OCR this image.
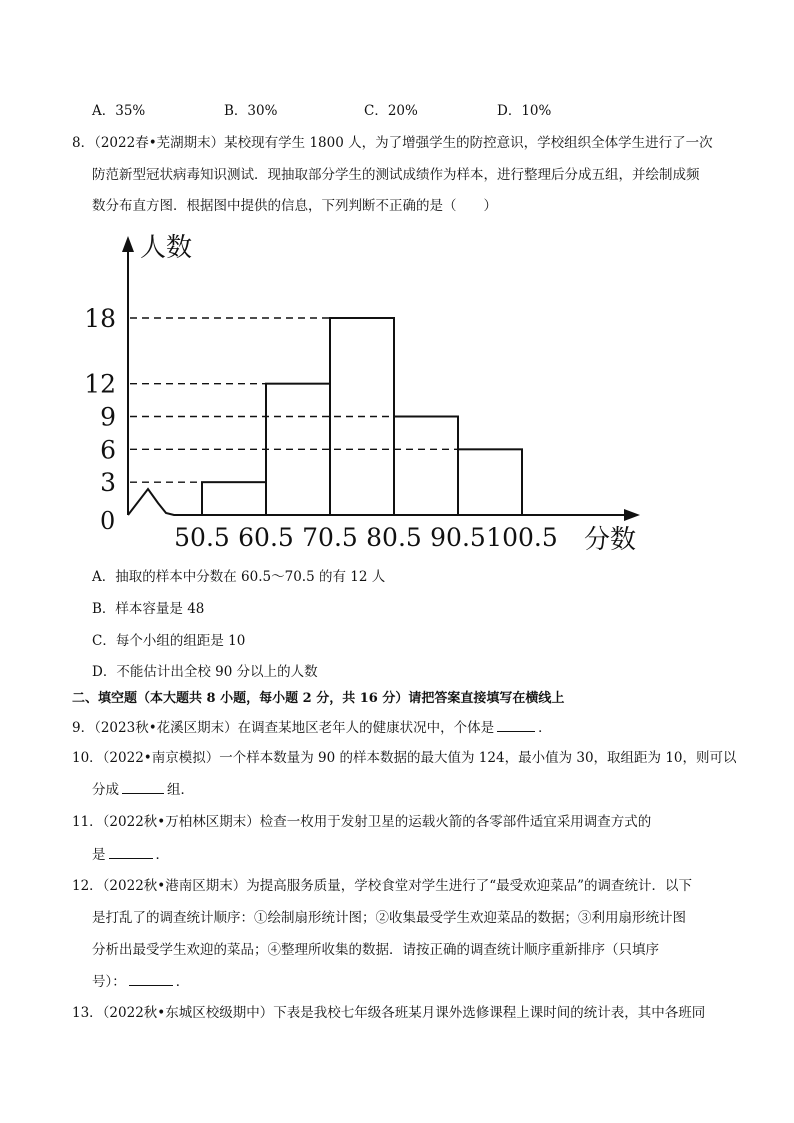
A．35%	B．30%	C．20%	D．10%
8．（2022春•芜湖期末）某校现有学生 1800 人，为了增强学生的防控意识，学校组织全体学生进行了一次
防范新型冠状病毒知识测试．现抽取部分学生的测试成绩作为样本，进行整理后分成五组，并绘制成频
数分布直方图．根据图中提供的信息，下列判断不正确的是（　　）
人数
分数
0
3
6
9
12
18
50.5 60.5 70.5 80.5 90.5 100.5
A．抽取的样本中分数在 60.5～70.5 的有 12 人
B．样本容量是 48
C．每个小组的组距是 10
D．不能估计出全校 90 分以上的人数
二、填空题（本大题共 8 小题，每小题 2 分，共 16 分）请把答案直接填写在横线上
9．（2023秋•花溪区期末）在调查某地区老年人的健康状况中，个体是	．
10．（2022•南京模拟）一个样本数量为 90 的样本数据的最大值为 124，最小值为 30，取组距为 10，则可以
分成	组．
11．（2022秋•万柏林区期末）检查一枚用于发射卫星的运载火箭的各零部件适宜采用调查方式的
是	．
12．（2022秋•港南区期末）为提高服务质量，学校食堂对学生进行了“最受欢迎菜品”的调查统计．以下
是打乱了的调查统计顺序：①绘制扇形统计图；②收集最受学生欢迎菜品的数据；③利用扇形统计图
分析出最受学生欢迎的菜品；④整理所收集的数据．请按正确的调查统计顺序重新排序（只填序
号）：	．
13．（2022秋•东城区校级期中）下表是我校七年级各班某月课外选修课程上课时间的统计表，其中各班同
